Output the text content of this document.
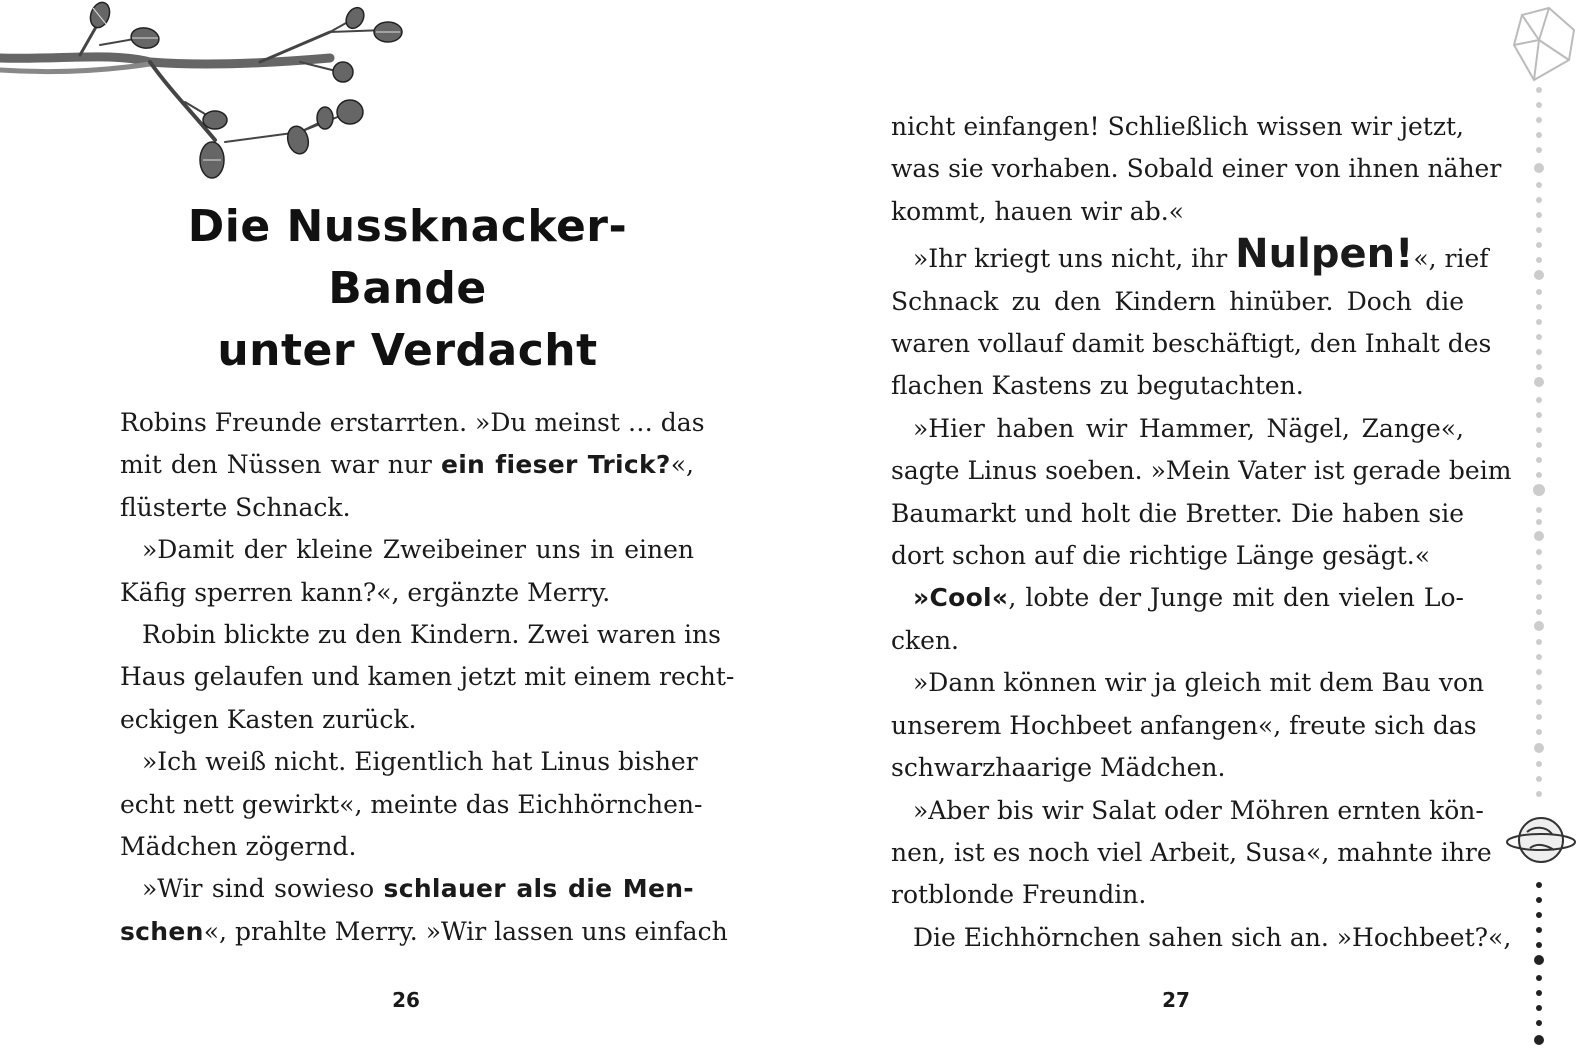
Die Nussknacker-Bande
unter Verdacht

Robins Freunde erstarrten. »Du meinst … das

mit den Nüssen war nur ein fieser Trick?«,

flüsterte Schnack.

»Damit der kleine Zweibeiner uns in einen

Käfig sperren kann?«, ergänzte Merry.

Robin blickte zu den Kindern. Zwei waren ins

Haus gelaufen und kamen jetzt mit einem recht-

eckigen Kasten zurück.

»Ich weiß nicht. Eigentlich hat Linus bisher

echt nett gewirkt«, meinte das Eichhörnchen-

Mädchen zögernd.

»Wir sind sowieso schlauer als die Men-

schen«, prahlte Merry. »Wir lassen uns einfach

26

nicht einfangen! Schließlich wissen wir jetzt,

was sie vorhaben. Sobald einer von ihnen näher

kommt, hauen wir ab.«

»Ihr kriegt uns nicht, ihr Nulpen!«, rief

Schnack zu den Kindern hinüber. Doch die

waren vollauf damit beschäftigt, den Inhalt des

flachen Kastens zu begutachten.

»Hier haben wir Hammer, Nägel, Zange«,

sagte Linus soeben. »Mein Vater ist gerade beim

Baumarkt und holt die Bretter. Die haben sie

dort schon auf die richtige Länge gesägt.«

»Cool«, lobte der Junge mit den vielen Lo-

cken.

»Dann können wir ja gleich mit dem Bau von

unserem Hochbeet anfangen«, freute sich das

schwarzhaarige Mädchen.

»Aber bis wir Salat oder Möhren ernten kön-

nen, ist es noch viel Arbeit, Susa«, mahnte ihre

rotblonde Freundin.

Die Eichhörnchen sahen sich an. »Hochbeet?«,

27
